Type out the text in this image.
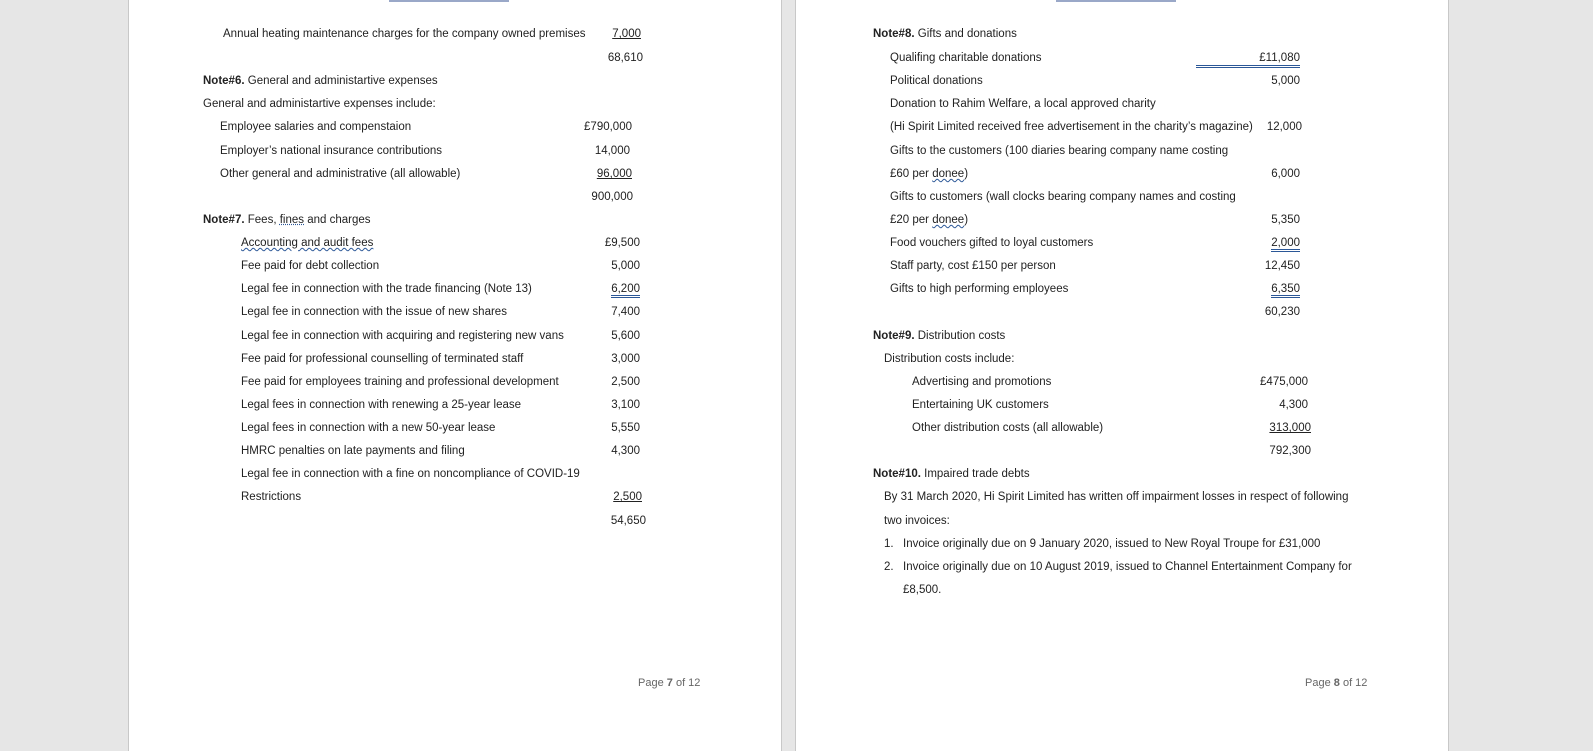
Annual heating maintenance charges for the company owned premises	7,000
68,610
Note#6. General and administartive expenses
General and administartive expenses include:
Employee salaries and compenstaion	£790,000
Employer’s national insurance contributions	14,000
Other general and administrative (all allowable)	96,000
900,000
Note#7. Fees, fines and charges
Accounting and audit fees	£9,500
Fee paid for debt collection	5,000
Legal fee in connection with the trade financing (Note 13)	6,200
Legal fee in connection with the issue of new shares	7,400
Legal fee in connection with acquiring and registering new vans	5,600
Fee paid for professional counselling of terminated staff	3,000
Fee paid for employees training and professional development	2,500
Legal fees in connection with renewing a 25-year lease	3,100
Legal fees in connection with a new 50-year lease	5,550
HMRC penalties on late payments and filing	4,300
Legal fee in connection with a fine on noncompliance of COVID-19
Restrictions	2,500
54,650
Page 7 of 12
Note#8. Gifts and donations
Qualifing charitable donations	£11,080
Political donations	5,000
Donation to Rahim Welfare, a local approved charity
(Hi Spirit Limited received free advertisement in the charity’s magazine)	12,000
Gifts to the customers (100 diaries bearing company name costing
£60 per donee)	6,000
Gifts to customers (wall clocks bearing company names and costing
£20 per donee)	5,350
Food vouchers gifted to loyal customers	2,000
Staff party, cost £150 per person	12,450
Gifts to high performing employees	6,350
60,230
Note#9. Distribution costs
Distribution costs include:
Advertising and promotions	£475,000
Entertaining UK customers	4,300
Other distribution costs (all allowable)	313,000
792,300
Note#10. Impaired trade debts
By 31 March 2020, Hi Spirit Limited has written off impairment losses in respect of following
two invoices:
1. Invoice originally due on 9 January 2020, issued to New Royal Troupe for £31,000
2. Invoice originally due on 10 August 2019, issued to Channel Entertainment Company for
£8,500.
Page 8 of 12
